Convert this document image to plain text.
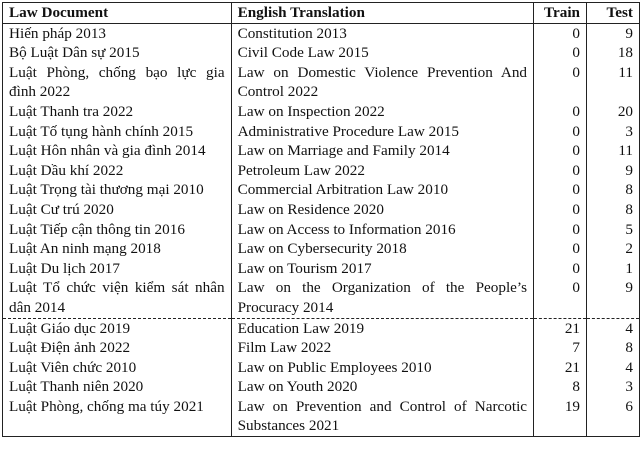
Law Document	English Translation	Train	Test
Hiến pháp 2013	Constitution 2013	0	9
Bộ Luật Dân sự 2015	Civil Code Law 2015	0	18
Luật Phòng, chống bạo lực gia đình 2022	Law on Domestic Violence Prevention And Control 2022	0	11
Luật Thanh tra 2022	Law on Inspection 2022	0	20
Luật Tố tụng hành chính 2015	Administrative Procedure Law 2015	0	3
Luật Hôn nhân và gia đình 2014	Law on Marriage and Family 2014	0	11
Luật Dầu khí 2022	Petroleum Law 2022	0	9
Luật Trọng tài thương mại 2010	Commercial Arbitration Law 2010	0	8
Luật Cư trú 2020	Law on Residence 2020	0	8
Luật Tiếp cận thông tin 2016	Law on Access to Information 2016	0	5
Luật An ninh mạng 2018	Law on Cybersecurity 2018	0	2
Luật Du lịch 2017	Law on Tourism 2017	0	1
Luật Tổ chức viện kiểm sát nhân dân 2014	Law on the Organization of the People’s Procuracy 2014	0	9
Luật Giáo dục 2019	Education Law 2019	21	4
Luật Điện ảnh 2022	Film Law 2022	7	8
Luật Viên chức 2010	Law on Public Employees 2010	21	4
Luật Thanh niên 2020	Law on Youth 2020	8	3
Luật Phòng, chống ma túy 2021	Law on Prevention and Control of Narcotic Substances 2021	19	6
